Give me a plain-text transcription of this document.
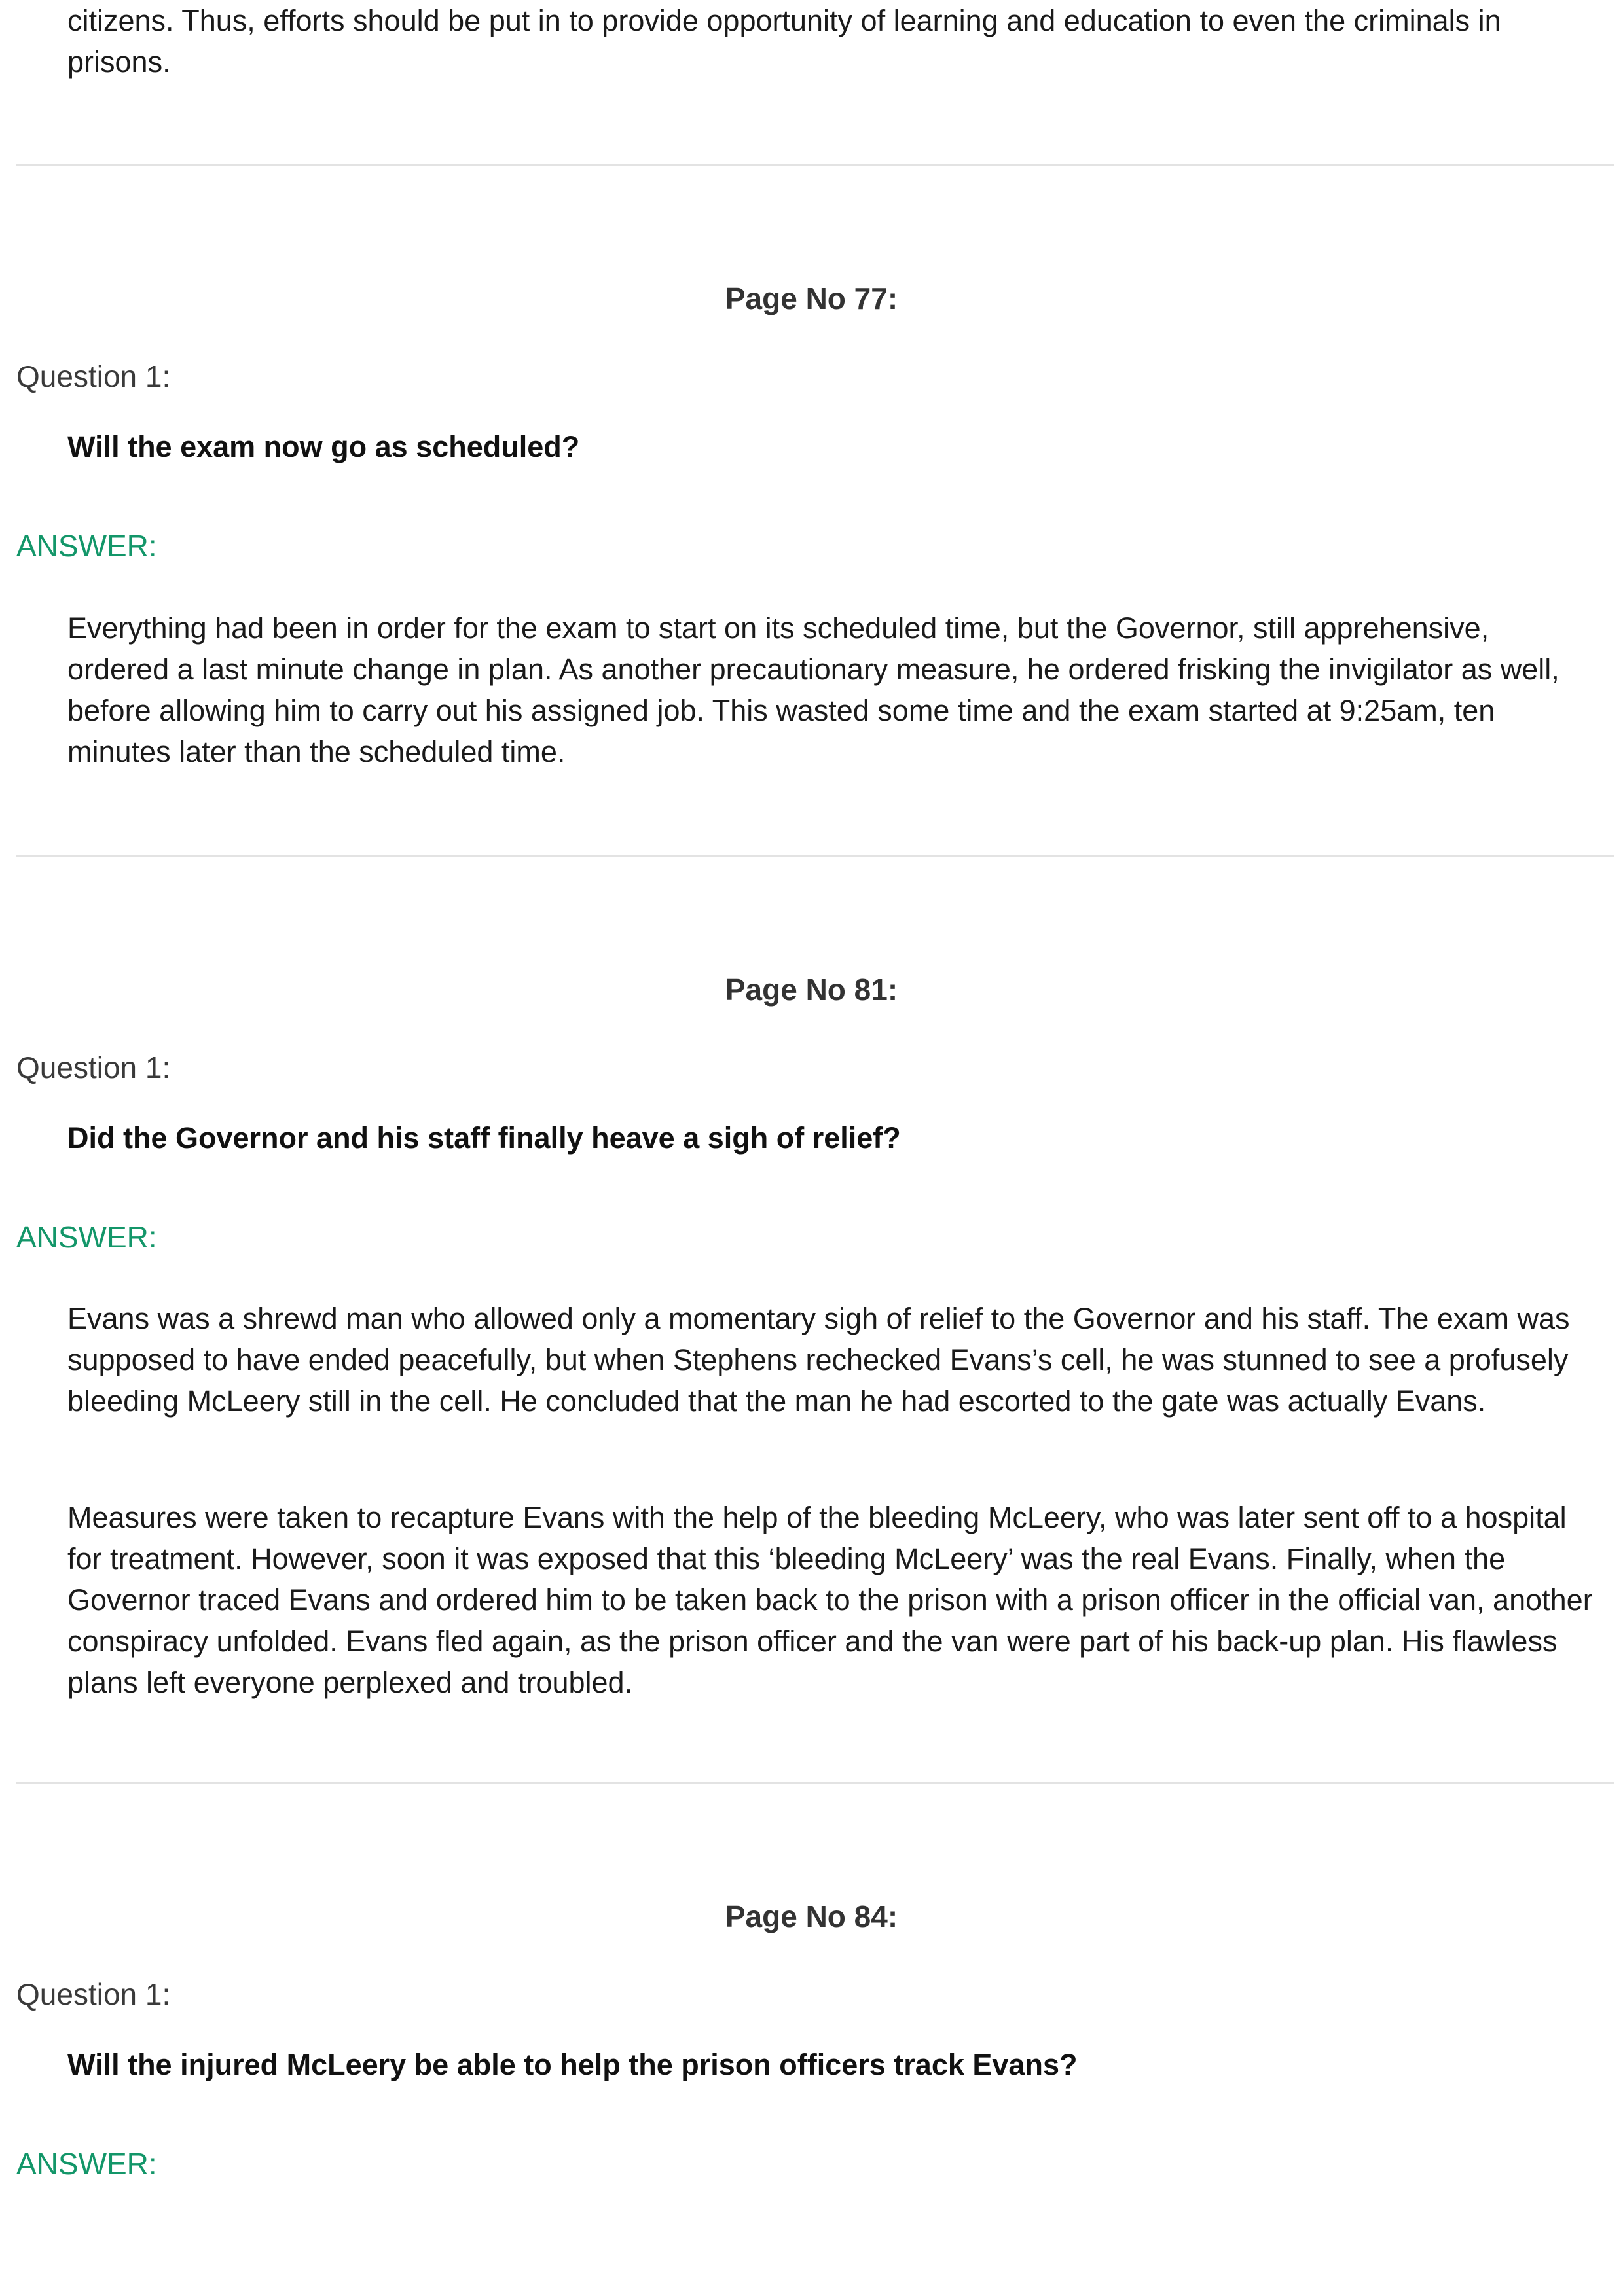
citizens. Thus, efforts should be put in to provide opportunity of learning and education to even the criminals in prisons.

Page No 77:
Question 1:
Will the exam now go as scheduled?
ANSWER:

Everything had been in order for the exam to start on its scheduled time, but the Governor, still apprehensive, ordered a last minute change in plan. As another precautionary measure, he ordered frisking the invigilator as well, before allowing him to carry out his assigned job. This wasted some time and the exam started at 9:25am, ten minutes later than the scheduled time.

Page No 81:
Question 1:
Did the Governor and his staff finally heave a sigh of relief?
ANSWER:

Evans was a shrewd man who allowed only a momentary sigh of relief to the Governor and his staff. The exam was supposed to have ended peacefully, but when Stephens rechecked Evans’s cell, he was stunned to see a profusely bleeding McLeery still in the cell. He concluded that the man he had escorted to the gate was actually Evans.

Measures were taken to recapture Evans with the help of the bleeding McLeery, who was later sent off to a hospital for treatment. However, soon it was exposed that this ‘bleeding McLeery’ was the real Evans. Finally, when the Governor traced Evans and ordered him to be taken back to the prison with a prison officer in the official van, another conspiracy unfolded. Evans fled again, as the prison officer and the van were part of his back-up plan. His flawless plans left everyone perplexed and troubled.

Page No 84:
Question 1:
Will the injured McLeery be able to help the prison officers track Evans?
ANSWER:
